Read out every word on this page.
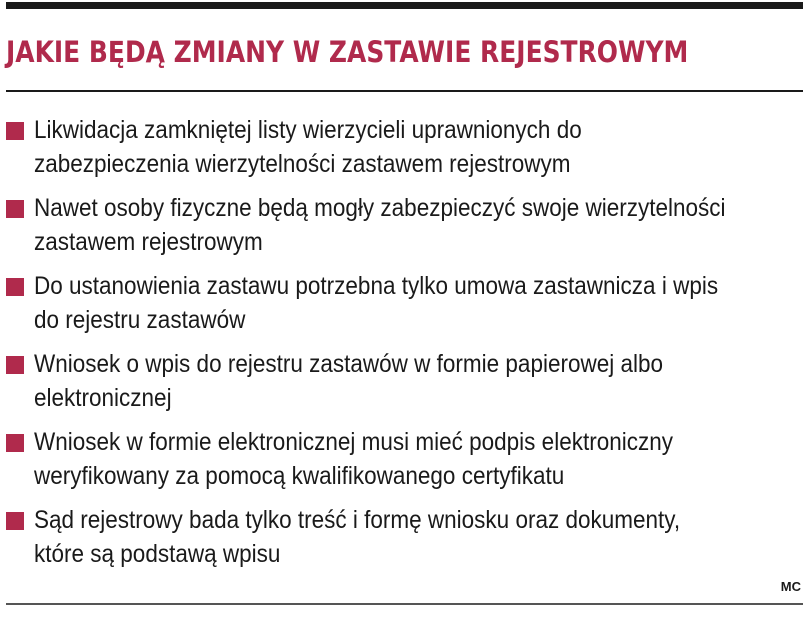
JAKIE BĘDĄ ZMIANY W ZASTAWIE REJESTROWYM
Likwidacja zamkniętej listy wierzycieli uprawnionych do
zabezpieczenia wierzytelności zastawem rejestrowym
Nawet osoby fizyczne będą mogły zabezpieczyć swoje wierzytelności
zastawem rejestrowym
Do ustanowienia zastawu potrzebna tylko umowa zastawnicza i wpis
do rejestru zastawów
Wniosek o wpis do rejestru zastawów w formie papierowej albo
elektronicznej
Wniosek w formie elektronicznej musi mieć podpis elektroniczny
weryfikowany za pomocą kwalifikowanego certyfikatu
Sąd rejestrowy bada tylko treść i formę wniosku oraz dokumenty,
które są podstawą wpisu
MC
